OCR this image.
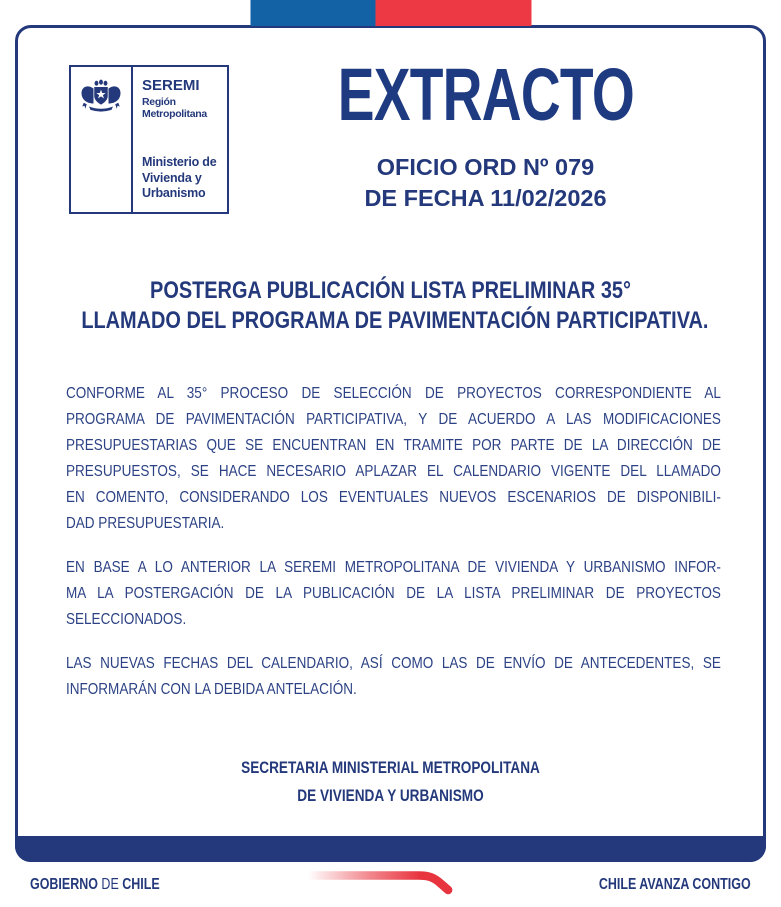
SEREMI
Región Metropolitana
Ministerio de
Vivienda y
Urbanismo
EXTRACTO
OFICIO ORD Nº 079
DE FECHA 11/02/2026
POSTERGA PUBLICACIÓN LISTA PRELIMINAR 35°
LLAMADO DEL PROGRAMA DE PAVIMENTACIÓN PARTICIPATIVA.
CONFORME AL 35° PROCESO DE SELECCIÓN DE PROYECTOS CORRESPONDIENTE AL
PROGRAMA DE PAVIMENTACIÓN PARTICIPATIVA, Y DE ACUERDO A LAS MODIFICACIONES
PRESUPUESTARIAS QUE SE ENCUENTRAN EN TRAMITE POR PARTE DE LA DIRECCIÓN DE
PRESUPUESTOS, SE HACE NECESARIO APLAZAR EL CALENDARIO VIGENTE DEL LLAMADO
EN COMENTO, CONSIDERANDO LOS EVENTUALES NUEVOS ESCENARIOS DE DISPONIBILI-
DAD PRESUPUESTARIA.
EN BASE A LO ANTERIOR LA SEREMI METROPOLITANA DE VIVIENDA Y URBANISMO INFOR-
MA LA POSTERGACIÓN DE LA PUBLICACIÓN DE LA LISTA PRELIMINAR DE PROYECTOS
SELECCIONADOS.
LAS NUEVAS FECHAS DEL CALENDARIO, ASÍ COMO LAS DE ENVÍO DE ANTECEDENTES, SE
INFORMARÁN CON LA DEBIDA ANTELACIÓN.
SECRETARIA MINISTERIAL METROPOLITANA
DE VIVIENDA Y URBANISMO
GOBIERNO DE CHILE	CHILE AVANZA CONTIGO
